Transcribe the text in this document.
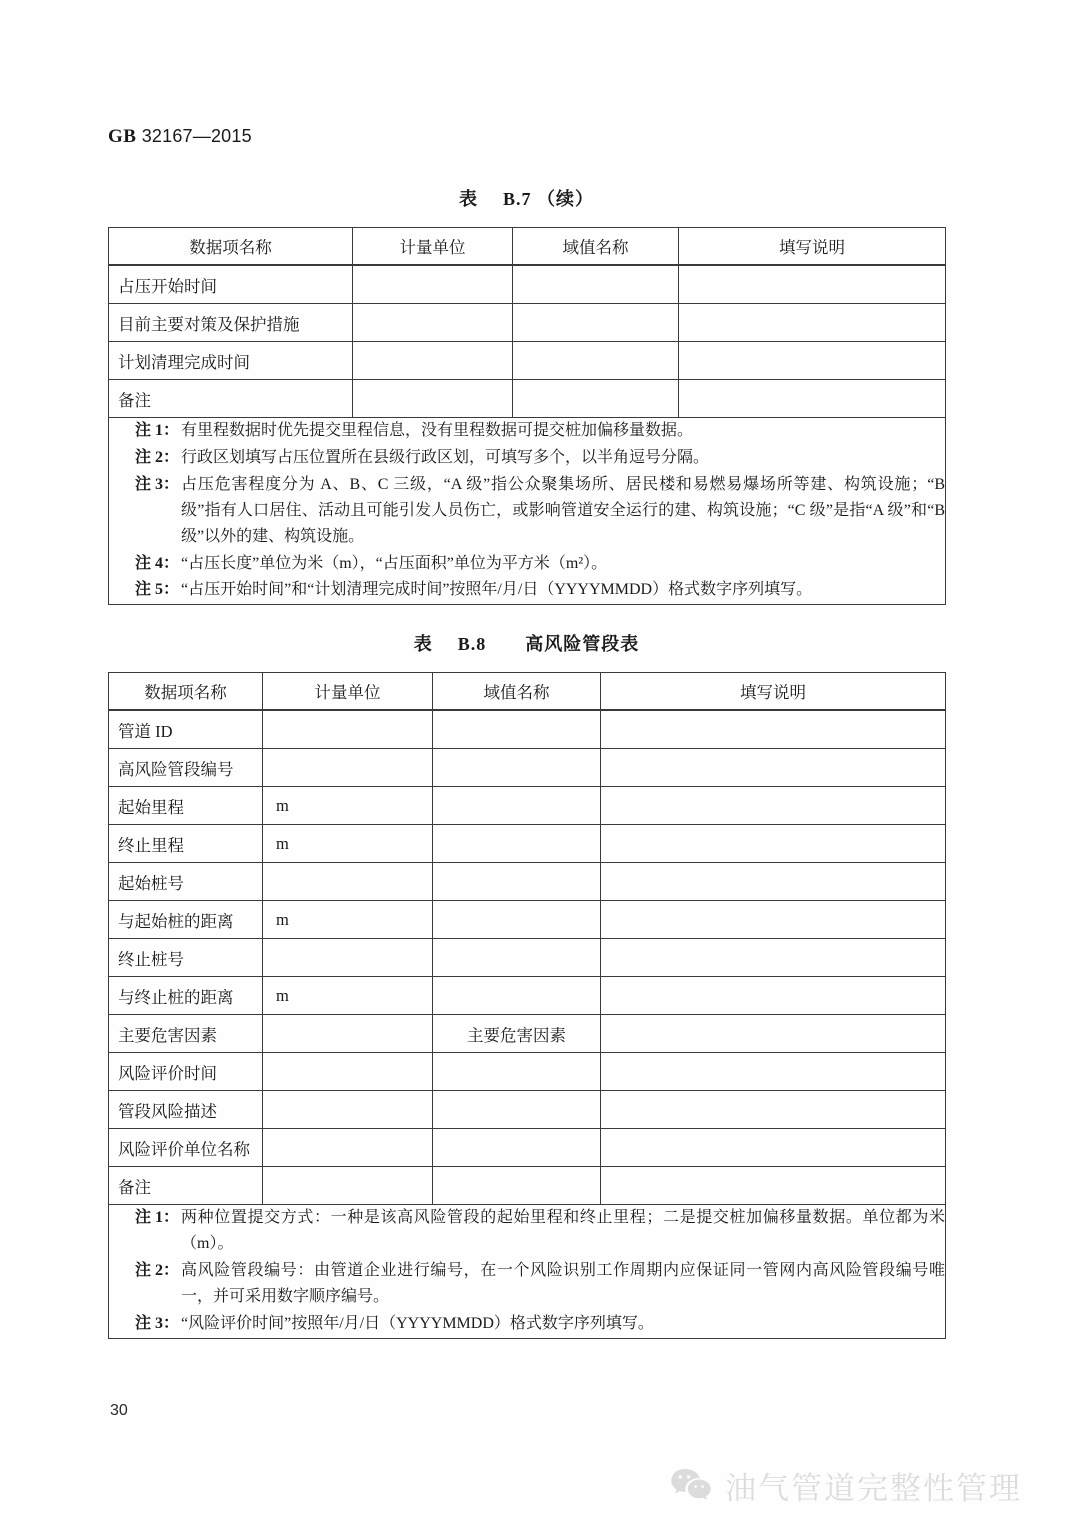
GB 32167—2015
表 B.7 （续）
数据项名称	计量单位	域值名称	填写说明
占压开始时间			
目前主要对策及保护措施			
计划清理完成时间			
备注			

注 1： 有里程数据时优先提交里程信息，没有里程数据可提交桩加偏移量数据。
注 2： 行政区划填写占压位置所在县级行政区划，可填写多个，以半角逗号分隔。
注 3： 占压危害程度分为 A、B、C 三级，“A 级”指公众聚集场所、居民楼和易燃易爆场所等建、构筑设施；“B 级”指有人口居住、活动且可能引发人员伤亡，或影响管道安全运行的建、构筑设施；“C 级”是指“A 级”和“B 级”以外的建、构筑设施。
注 4： “占压长度”单位为米（m），“占压面积”单位为平方米（m²）。
注 5： “占压开始时间”和“计划清理完成时间”按照年/月/日（YYYYMMDD）格式数字序列填写。
表 B.8 高风险管段表
数据项名称	计量单位	域值名称	填写说明
管道 ID			
高风险管段编号			
起始里程	m		
终止里程	m		
起始桩号			
与起始桩的距离	m		
终止桩号			
与终止桩的距离	m		
主要危害因素		主要危害因素	
风险评价时间			
管段风险描述			
风险评价单位名称			
备注			

注 1： 两种位置提交方式：一种是该高风险管段的起始里程和终止里程；二是提交桩加偏移量数据。单位都为米（m）。
注 2： 高风险管段编号：由管道企业进行编号，在一个风险识别工作周期内应保证同一管网内高风险管段编号唯一，并可采用数字顺序编号。
注 3： “风险评价时间”按照年/月/日（YYYYMMDD）格式数字序列填写。
30
油气管道完整性管理
